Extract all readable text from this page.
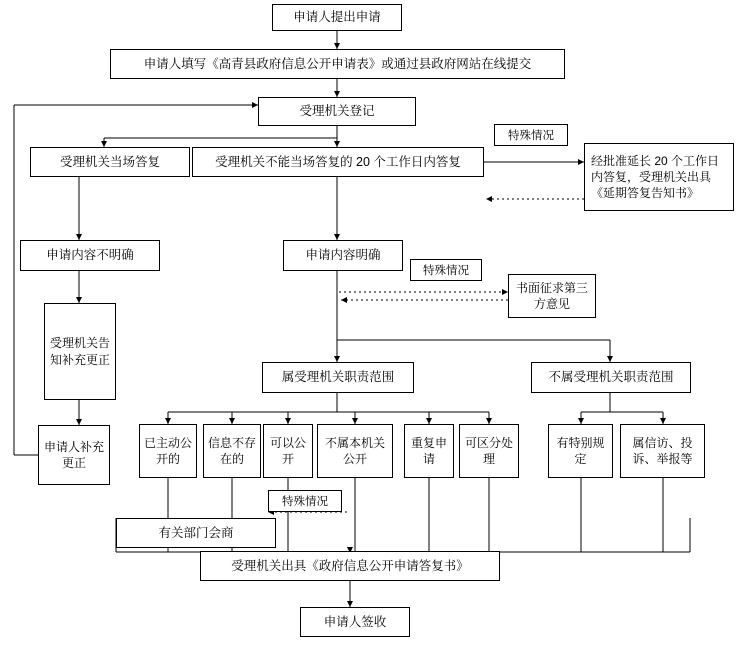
申请人提出申请
申请人填写《高青县政府信息公开申请表》或通过县政府网站在线提交
受理机关登记
受理机关当场答复	受理机关不能当场答复的 20 个工作日内答复	经批准延长 20 个工作日内答复，受理机关出具《延期答复告知书》
申请内容不明确	申请内容明确
书面征求第三方意见
受理机关告知补充更正
申请人补充更正
属受理机关职责范围	不属受理机关职责范围
已主动公开的
信息不存在的
可以公开
不属本机关公开
重复申请
可区分处理
有特别规定
属信访、投诉、举报等
有关部门会商
受理机关出具《政府信息公开申请答复书》
申请人签收
特殊情况
特殊情况
特殊情况
